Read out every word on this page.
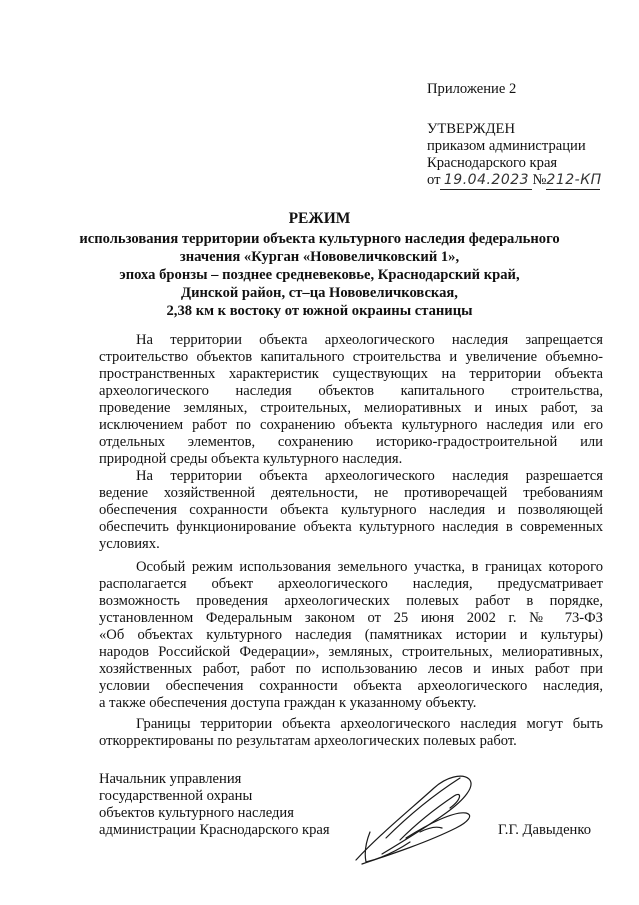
Приложение 2
УТВЕРЖДЕН
приказом администрации
Краснодарского края
от 19.04.2023 №212-КП
РЕЖИМ
использования территории объекта культурного наследия федерального
значения «Курган «Нововеличковский 1»,
эпоха бронзы – позднее средневековье, Краснодарский край,
Динской район, ст–ца Нововеличковская,
2,38 км к востоку от южной окраины станицы
На территории объекта археологического наследия запрещается
строительство объектов капитального строительства и увеличение объемно-
пространственных характеристик существующих на территории объекта
археологического наследия объектов капитального строительства,
проведение земляных, строительных, мелиоративных и иных работ, за
исключением работ по сохранению объекта культурного наследия или его
отдельных элементов, сохранению историко-градостроительной или
природной среды объекта культурного наследия.
На территории объекта археологического наследия разрешается
ведение хозяйственной деятельности, не противоречащей требованиям
обеспечения сохранности объекта культурного наследия и позволяющей
обеспечить функционирование объекта культурного наследия в современных
условиях.
Особый режим использования земельного участка, в границах которого
располагается объект археологического наследия, предусматривает
возможность проведения археологических полевых работ в порядке,
установленном Федеральным законом от 25 июня 2002 г. № 73-ФЗ
«Об объектах культурного наследия (памятниках истории и культуры)
народов Российской Федерации», земляных, строительных, мелиоративных,
хозяйственных работ, работ по использованию лесов и иных работ при
условии обеспечения сохранности объекта археологического наследия,
а также обеспечения доступа граждан к указанному объекту.
Границы территории объекта археологического наследия могут быть
откорректированы по результатам археологических полевых работ.
Начальник управления
государственной охраны
объектов культурного наследия
администрации Краснодарского края	Г.Г. Давыденко
